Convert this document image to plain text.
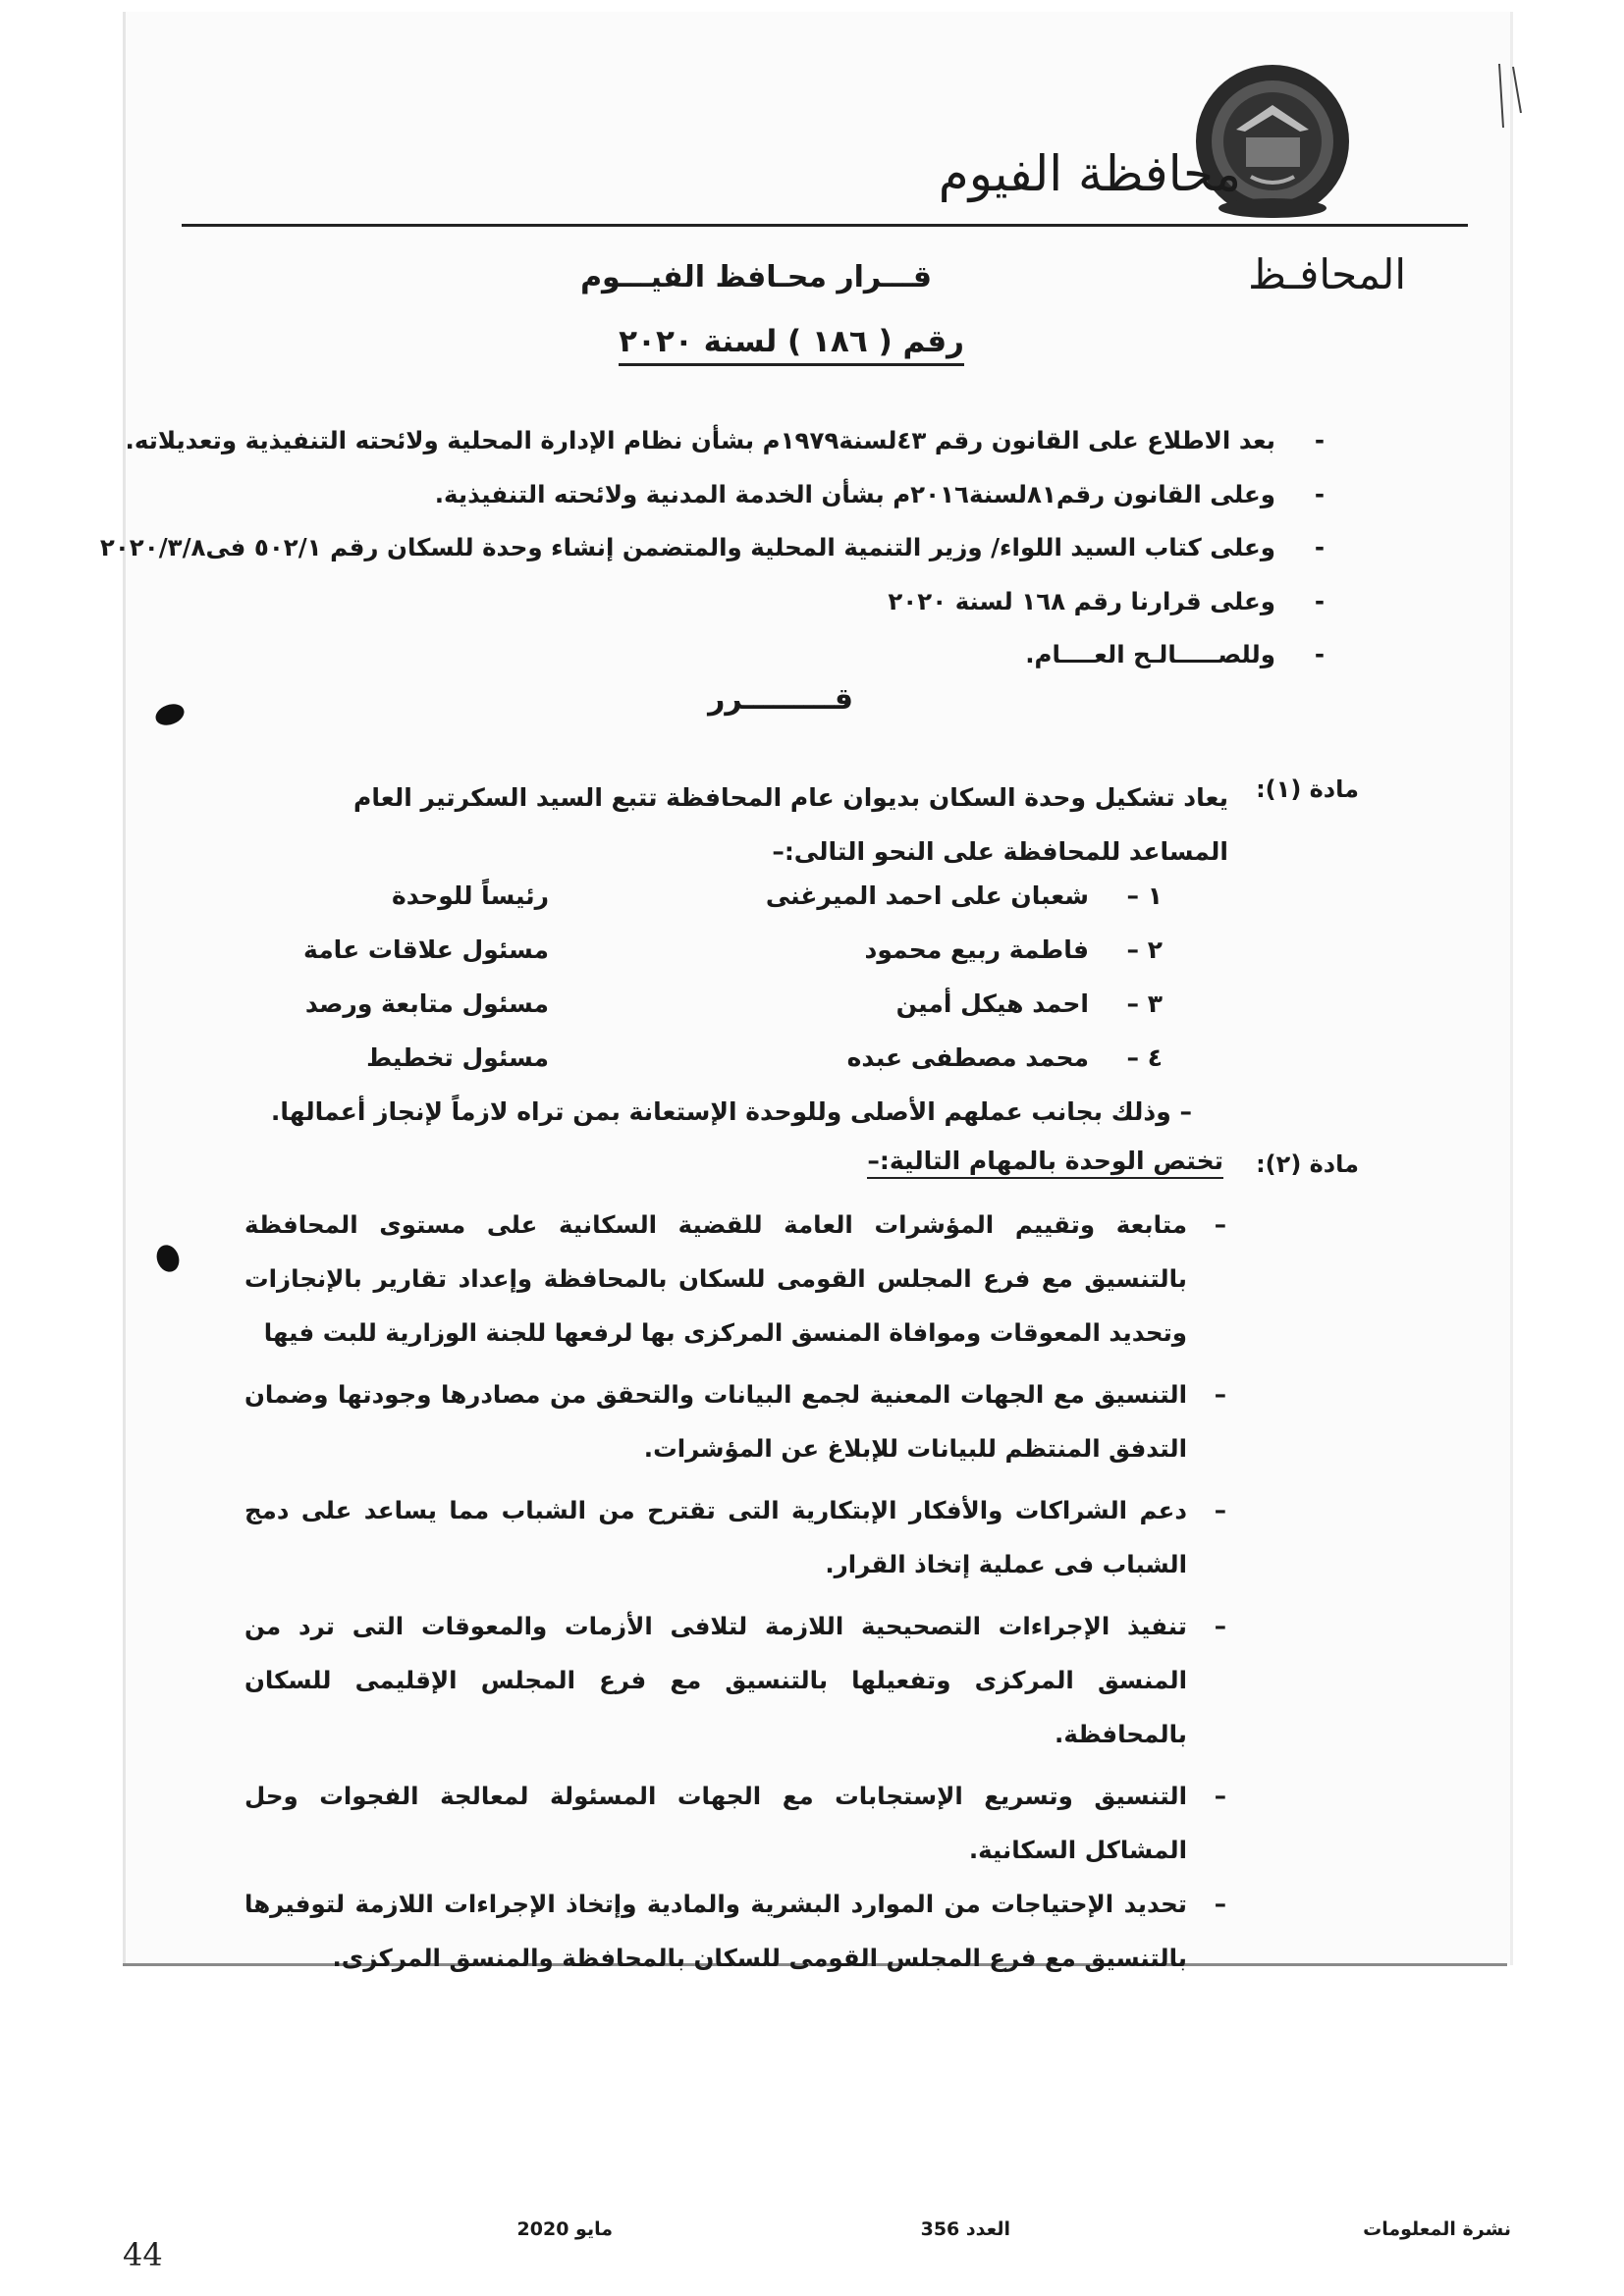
محافظة الفيوم
المحافـظ
قـــرار محـافظ الفيـــوم
رقم ( ١٨٦ ) لسنة ٢٠٢٠
- بعد الاطلاع على القانون رقم ٤٣لسنة١٩٧٩م بشأن نظام الإدارة المحلية ولائحته التنفيذية وتعديلاته.
- وعلى القانون رقم٨١لسنة٢٠١٦م بشأن الخدمة المدنية ولائحته التنفيذية.
- وعلى كتاب السيد اللواء/ وزير التنمية المحلية والمتضمن إنشاء وحدة للسكان رقم ٥٠٢/١ فى٢٠٢٠/٣/٨
- وعلى قرارنا رقم ١٦٨ لسنة ٢٠٢٠
- وللصـــــالـح العــــام.
قـــــــــرر
مادة (١):
يعاد تشكيل وحدة السكان بديوان عام المحافظة تتبع السيد السكرتير العام المساعد للمحافظة على النحو التالى:–
١ –
شعبان على احمد الميرغنى
رئيساً للوحدة
٢ –
فاطمة ربيع محمود
مسئول علاقات عامة
٣ –
احمد هيكل أمين
مسئول متابعة ورصد
٤ –
محمد مصطفى عبده
مسئول تخطيط
– وذلك بجانب عملهم الأصلى وللوحدة الإستعانة بمن تراه لازماً لإنجاز أعمالها.
مادة (٢):
تختص الوحدة بالمهام التالية:–

– متابعة وتقييم المؤشرات العامة للقضية السكانية على مستوى المحافظة بالتنسيق مع فرع المجلس القومى للسكان بالمحافظة وإعداد تقارير بالإنجازات وتحديد المعوقات وموافاة المنسق المركزى بها لرفعها للجنة الوزارية للبت فيها

– التنسيق مع الجهات المعنية لجمع البيانات والتحقق من مصادرها وجودتها وضمان التدفق المنتظم للبيانات للإبلاغ عن المؤشرات.

– دعم الشراكات والأفكار الإبتكارية التى تقترح من الشباب مما يساعد على دمج الشباب فى عملية إتخاذ القرار.

– تنفيذ الإجراءات التصحيحية اللازمة لتلافى الأزمات والمعوقات التى ترد من المنسق المركزى وتفعيلها بالتنسيق مع فرع المجلس الإقليمى للسكان بالمحافظة.

– التنسيق وتسريع الإستجابات مع الجهات المسئولة لمعالجة الفجوات وحل المشاكل السكانية.

– تحديد الإحتياجات من الموارد البشرية والمادية وإتخاذ الإجراءات اللازمة لتوفيرها بالتنسيق مع فرع المجلس القومى للسكان بالمحافظة والمنسق المركزى.

نشرة المعلومات
العدد 356
مايو 2020
44
